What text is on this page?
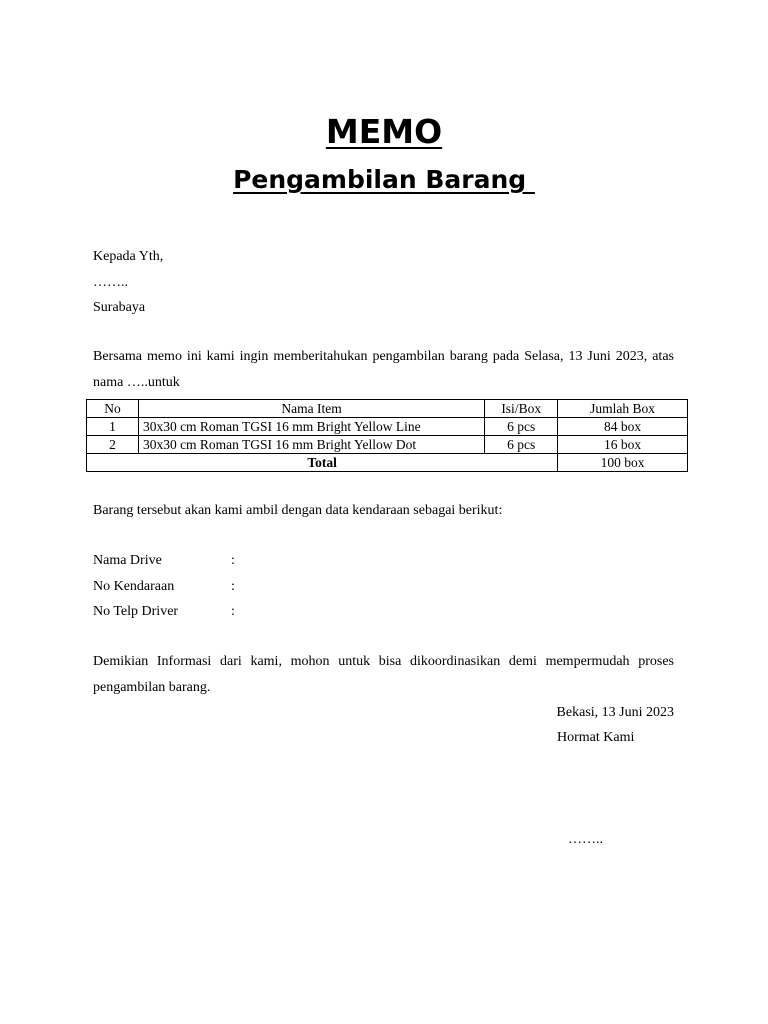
MEMO
Pengambilan Barang
Kepada Yth,
……..
Surabaya
Bersama memo ini kami ingin memberitahukan pengambilan barang pada Selasa, 13 Juni 2023, atas nama …..untuk
No	Nama Item	Isi/Box	Jumlah Box
1	30x30 cm Roman TGSI 16 mm Bright Yellow Line	6 pcs	84 box
2	30x30 cm Roman TGSI 16 mm Bright Yellow Dot	6 pcs	16 box
Total			100 box
Barang tersebut akan kami ambil dengan data kendaraan sebagai berikut:
Nama Drive	:
No Kendaraan	:
No Telp Driver	:
Demikian Informasi dari kami, mohon untuk bisa dikoordinasikan demi mempermudah proses pengambilan barang.
Bekasi, 13 Juni 2023
Hormat Kami
……..
